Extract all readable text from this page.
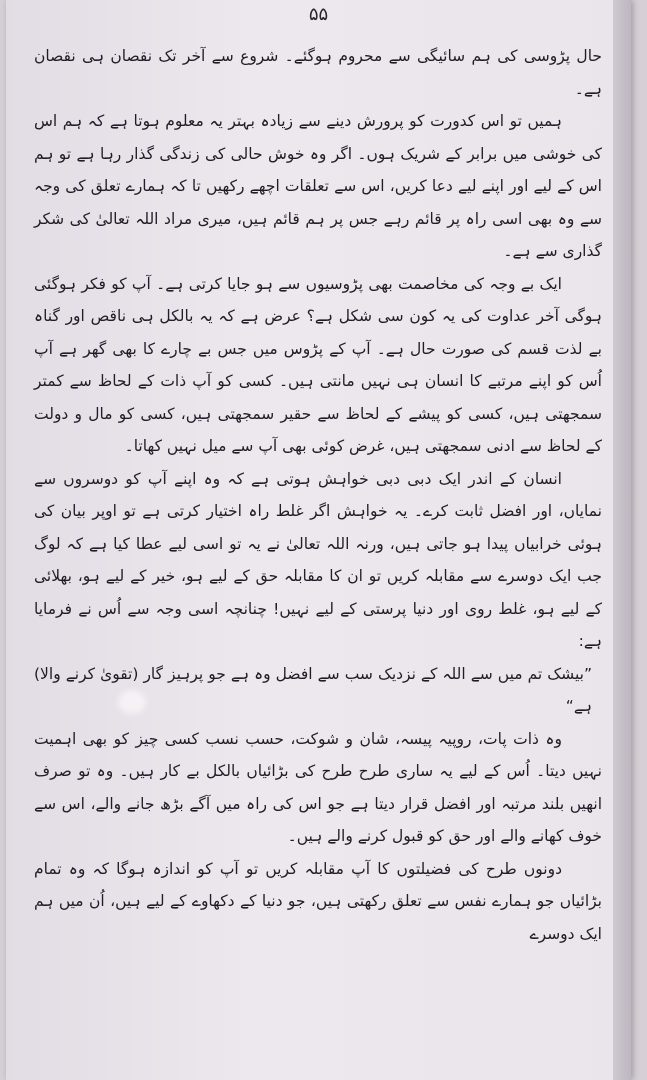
۵۵

حال پڑوسی کی ہم سائیگی سے محروم ہوگئے۔ شروع سے آخر تک نقصان ہی نقصان ہے۔

ہمیں تو اس کدورت کو پرورش دینے سے زیادہ بہتر یہ معلوم ہوتا ہے کہ ہم اس کی خوشی میں برابر کے شریک ہوں۔ اگر وہ خوش حالی کی زندگی گذار رہا ہے تو ہم اس کے لیے اور اپنے لیے دعا کریں، اس سے تعلقات اچھے رکھیں تا کہ ہمارے تعلق کی وجہ سے وہ بھی اسی راہ پر قائم رہے جس پر ہم قائم ہیں، میری مراد اللہ تعالیٰ کی شکر گذاری سے ہے۔

ایک بے وجہ کی مخاصمت بھی پڑوسیوں سے ہو جایا کرتی ہے۔ آپ کو فکر ہوگئی ہوگی آخر عداوت کی یہ کون سی شکل ہے؟ عرض ہے کہ یہ بالکل ہی ناقص اور گناہ بے لذت قسم کی صورت حال ہے۔ آپ کے پڑوس میں جس بے چارے کا بھی گھر ہے آپ اُس کو اپنے مرتبے کا انسان ہی نہیں مانتی ہیں۔ کسی کو آپ ذات کے لحاظ سے کمتر سمجھتی ہیں، کسی کو پیشے کے لحاظ سے حقیر سمجھتی ہیں، کسی کو مال و دولت کے لحاظ سے ادنی سمجھتی ہیں، غرض کوئی بھی آپ سے میل نہیں کھاتا۔

انسان کے اندر ایک دبی دبی خواہش ہوتی ہے کہ وہ اپنے آپ کو دوسروں سے نمایاں، اور افضل ثابت کرے۔ یہ خواہش اگر غلط راہ اختیار کرتی ہے تو اوپر بیان کی ہوئی خرابیاں پیدا ہو جاتی ہیں، ورنہ اللہ تعالیٰ نے یہ تو اسی لیے عطا کیا ہے کہ لوگ جب ایک دوسرے سے مقابلہ کریں تو ان کا مقابلہ حق کے لیے ہو، خیر کے لیے ہو، بھلائی کے لیے ہو، غلط روی اور دنیا پرستی کے لیے نہیں! چنانچہ اسی وجہ سے اُس نے فرمایا ہے:

”بیشک تم میں سے اللہ کے نزدیک سب سے افضل وہ ہے جو پرہیز گار (تقویٰ کرنے والا) ہے“

وہ ذات پات، روپیہ پیسہ، شان و شوکت، حسب نسب کسی چیز کو بھی اہمیت نہیں دیتا۔ اُس کے لیے یہ ساری طرح طرح کی بڑائیاں بالکل بے کار ہیں۔ وہ تو صرف انھیں بلند مرتبہ اور افضل قرار دیتا ہے جو اس کی راہ میں آگے بڑھ جانے والے، اس سے خوف کھانے والے اور حق کو قبول کرنے والے ہیں۔

دونوں طرح کی فضیلتوں کا آپ مقابلہ کریں تو آپ کو اندازہ ہوگا کہ وہ تمام بڑائیاں جو ہمارے نفس سے تعلق رکھتی ہیں، جو دنیا کے دکھاوے کے لیے ہیں، اُن میں ہم ایک دوسرے
